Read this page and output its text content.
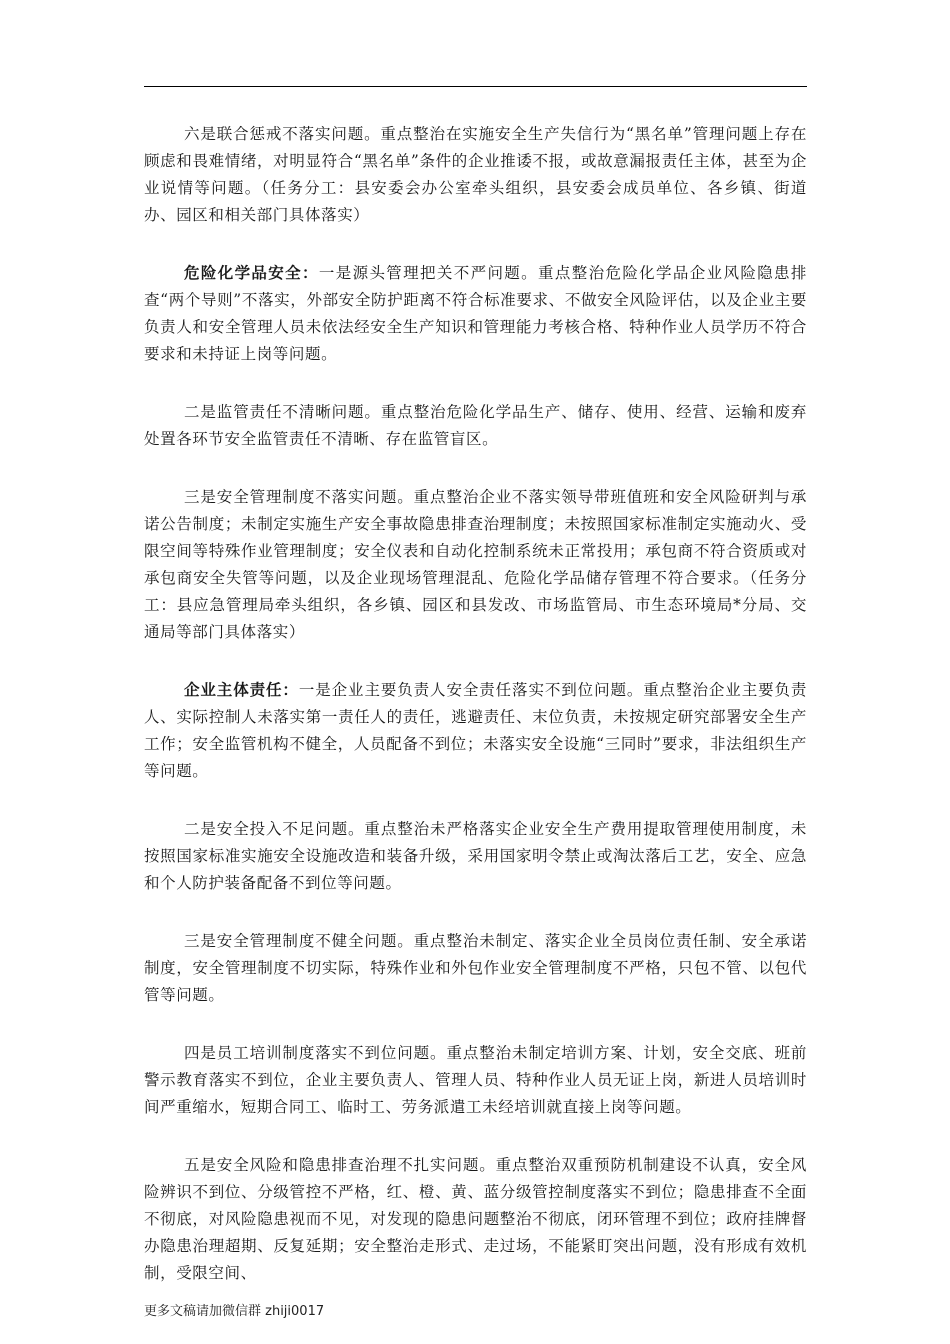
六是联合惩戒不落实问题。重点整治在实施安全生产失信行为“黑名单”管理问题上存在顾虑和畏难情绪，对明显符合“黑名单”条件的企业推诿不报，或故意漏报责任主体，甚至为企业说情等问题。（任务分工：县安委会办公室牵头组织，县安委会成员单位、各乡镇、街道办、园区和相关部门具体落实）

危险化学品安全：一是源头管理把关不严问题。重点整治危险化学品企业风险隐患排查“两个导则”不落实，外部安全防护距离不符合标准要求、不做安全风险评估，以及企业主要负责人和安全管理人员未依法经安全生产知识和管理能力考核合格、特种作业人员学历不符合要求和未持证上岗等问题。

二是监管责任不清晰问题。重点整治危险化学品生产、储存、使用、经营、运输和废弃处置各环节安全监管责任不清晰、存在监管盲区。

三是安全管理制度不落实问题。重点整治企业不落实领导带班值班和安全风险研判与承诺公告制度；未制定实施生产安全事故隐患排查治理制度；未按照国家标准制定实施动火、受限空间等特殊作业管理制度；安全仪表和自动化控制系统未正常投用；承包商不符合资质或对承包商安全失管等问题，以及企业现场管理混乱、危险化学品储存管理不符合要求。（任务分工：县应急管理局牵头组织，各乡镇、园区和县发改、市场监管局、市生态环境局*分局、交通局等部门具体落实）

企业主体责任：一是企业主要负责人安全责任落实不到位问题。重点整治企业主要负责人、实际控制人未落实第一责任人的责任，逃避责任、末位负责，未按规定研究部署安全生产工作；安全监管机构不健全，人员配备不到位；未落实安全设施“三同时”要求，非法组织生产等问题。

二是安全投入不足问题。重点整治未严格落实企业安全生产费用提取管理使用制度，未按照国家标准实施安全设施改造和装备升级，采用国家明令禁止或淘汰落后工艺，安全、应急和个人防护装备配备不到位等问题。

三是安全管理制度不健全问题。重点整治未制定、落实企业全员岗位责任制、安全承诺制度，安全管理制度不切实际，特殊作业和外包作业安全管理制度不严格，只包不管、以包代管等问题。

四是员工培训制度落实不到位问题。重点整治未制定培训方案、计划，安全交底、班前警示教育落实不到位，企业主要负责人、管理人员、特种作业人员无证上岗，新进人员培训时间严重缩水，短期合同工、临时工、劳务派遣工未经培训就直接上岗等问题。

五是安全风险和隐患排查治理不扎实问题。重点整治双重预防机制建设不认真，安全风险辨识不到位、分级管控不严格，红、橙、黄、蓝分级管控制度落实不到位；隐患排查不全面不彻底，对风险隐患视而不见，对发现的隐患问题整治不彻底，闭环管理不到位；政府挂牌督办隐患治理超期、反复延期；安全整治走形式、走过场，不能紧盯突出问题，没有形成有效机制，受限空间、

更多文稿请加微信群 zhiji0017
